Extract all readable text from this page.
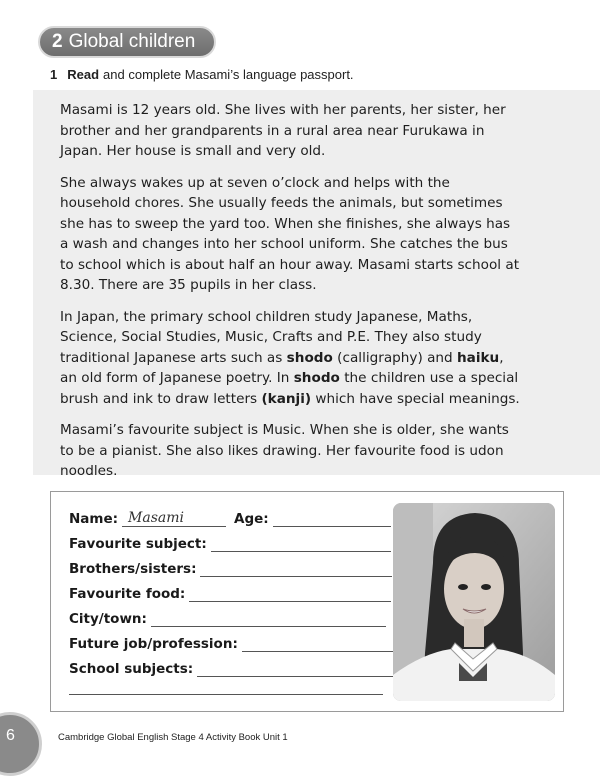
2 Global children
1 Read and complete Masami’s language passport.

Masami is 12 years old. She lives with her parents, her sister, her brother and her grandparents in a rural area near Furukawa in Japan. Her house is small and very old.

She always wakes up at seven o’clock and helps with the household chores. She usually feeds the animals, but sometimes she has to sweep the yard too. When she finishes, she always has a wash and changes into her school uniform. She catches the bus to school which is about half an hour away. Masami starts school at 8.30. There are 35 pupils in her class.

In Japan, the primary school children study Japanese, Maths, Science, Social Studies, Music, Crafts and P.E. They also study traditional Japanese arts such as shodo (calligraphy) and haiku, an old form of Japanese poetry. In shodo the children use a special brush and ink to draw letters (kanji) which have special meanings.

Masami’s favourite subject is Music. When she is older, she wants to be a pianist. She also likes drawing. Her favourite food is udon noodles.

Name: Masami	Age:
Favourite subject:
Brothers/sisters:
Favourite food:
City/town:
Future job/profession:
School subjects:
6	Cambridge Global English Stage 4 Activity Book Unit 1
